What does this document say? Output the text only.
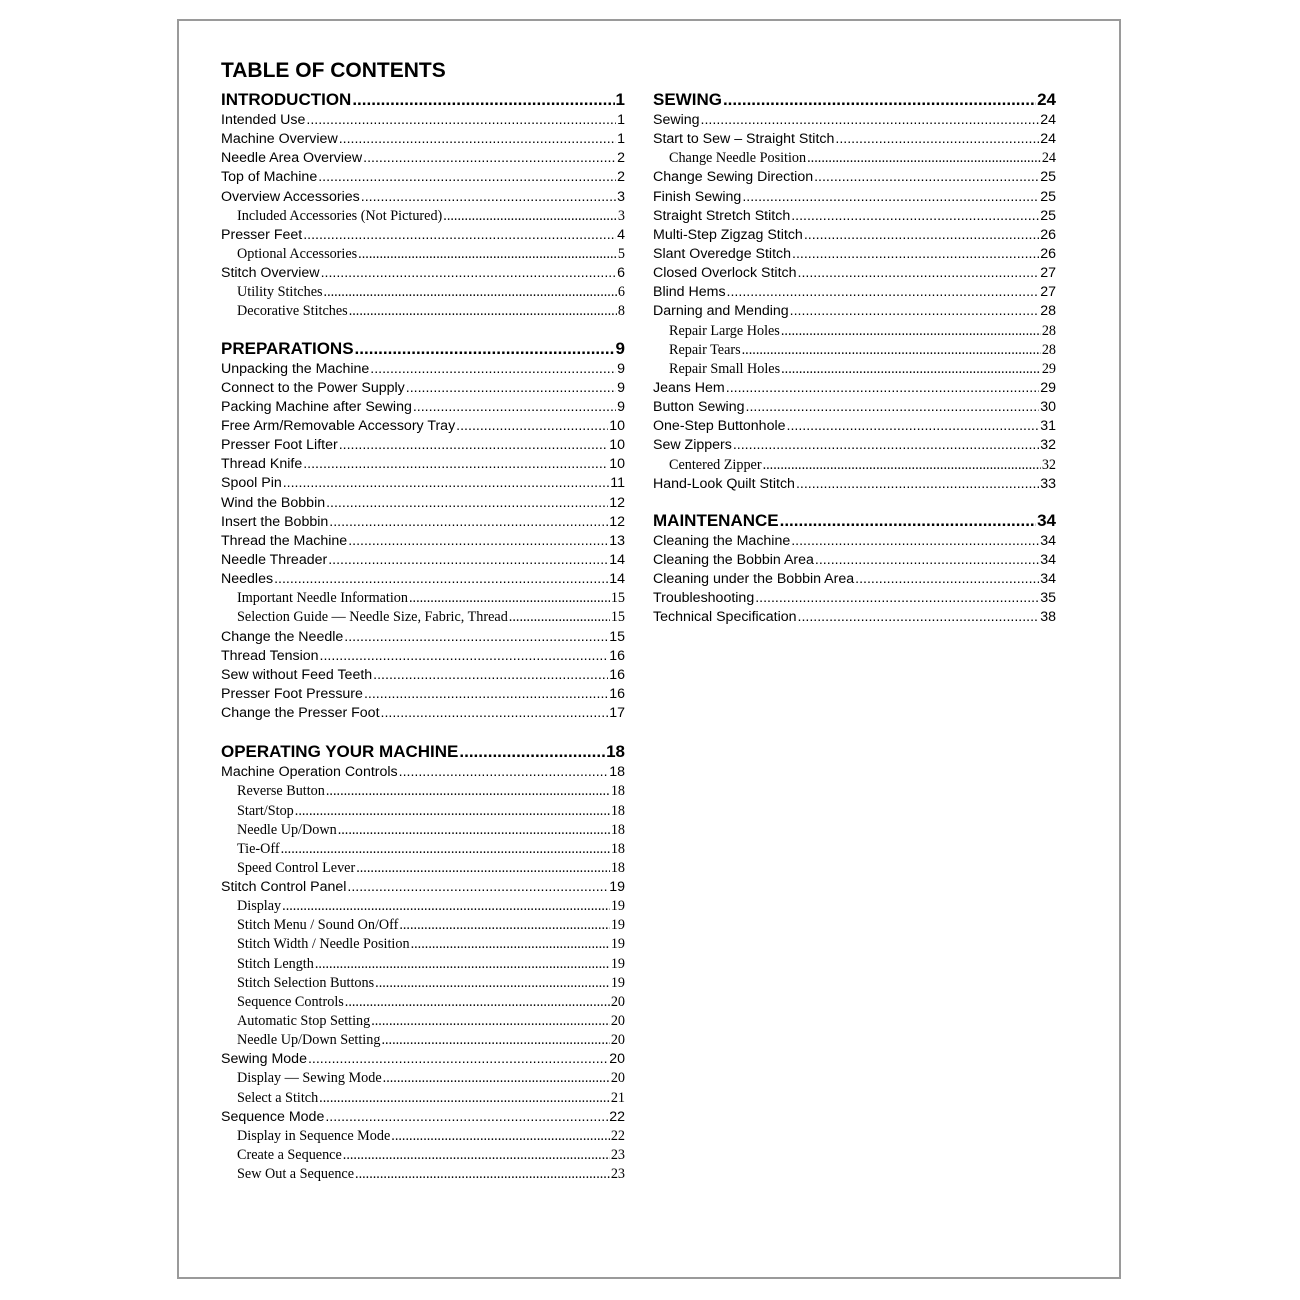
TABLE OF CONTENTS
INTRODUCTION .....	1
Intended Use .....	1
Machine Overview .....	1
Needle Area Overview .....	2
Top of Machine .....	2
Overview Accessories .....	3
Included Accessories (Not Pictured) .....	3
Presser Feet .....	4
Optional Accessories .....	5
Stitch Overview .....	6
Utility Stitches .....	6
Decorative Stitches .....	8
PREPARATIONS .....	9
Unpacking the Machine .....	9
Connect to the Power Supply .....	9
Packing Machine after Sewing .....	9
Free Arm/Removable Accessory Tray .....	10
Presser Foot Lifter .....	10
Thread Knife .....	10
Spool Pin .....	11
Wind the Bobbin .....	12
Insert the Bobbin .....	12
Thread the Machine .....	13
Needle Threader .....	14
Needles .....	14
Important Needle Information .....	15
Selection Guide — Needle Size, Fabric, Thread .....	15
Change the Needle .....	15
Thread Tension .....	16
Sew without Feed Teeth .....	16
Presser Foot Pressure .....	16
Change the Presser Foot .....	17
OPERATING YOUR MACHINE .....	18
Machine Operation Controls .....	18
Reverse Button .....	18
Start/Stop .....	18
Needle Up/Down .....	18
Tie-Off .....	18
Speed Control Lever .....	18
Stitch Control Panel .....	19
Display .....	19
Stitch Menu / Sound On/Off .....	19
Stitch Width / Needle Position .....	19
Stitch Length .....	19
Stitch Selection Buttons .....	19
Sequence Controls .....	20
Automatic Stop Setting .....	20
Needle Up/Down Setting .....	20
Sewing Mode .....	20
Display — Sewing Mode .....	20
Select a Stitch .....	21
Sequence Mode .....	22
Display in Sequence Mode .....	22
Create a Sequence .....	23
Sew Out a Sequence .....	23
SEWING .....	24
Sewing .....	24
Start to Sew – Straight Stitch .....	24
Change Needle Position .....	24
Change Sewing Direction .....	25
Finish Sewing .....	25
Straight Stretch Stitch .....	25
Multi-Step Zigzag Stitch .....	26
Slant Overedge Stitch .....	26
Closed Overlock Stitch .....	27
Blind Hems .....	27
Darning and Mending .....	28
Repair Large Holes .....	28
Repair Tears .....	28
Repair Small Holes .....	29
Jeans Hem .....	29
Button Sewing .....	30
One-Step Buttonhole .....	31
Sew Zippers .....	32
Centered Zipper .....	32
Hand-Look Quilt Stitch .....	33
MAINTENANCE .....	34
Cleaning the Machine .....	34
Cleaning the Bobbin Area .....	34
Cleaning under the Bobbin Area .....	34
Troubleshooting .....	35
Technical Specification .....	38
